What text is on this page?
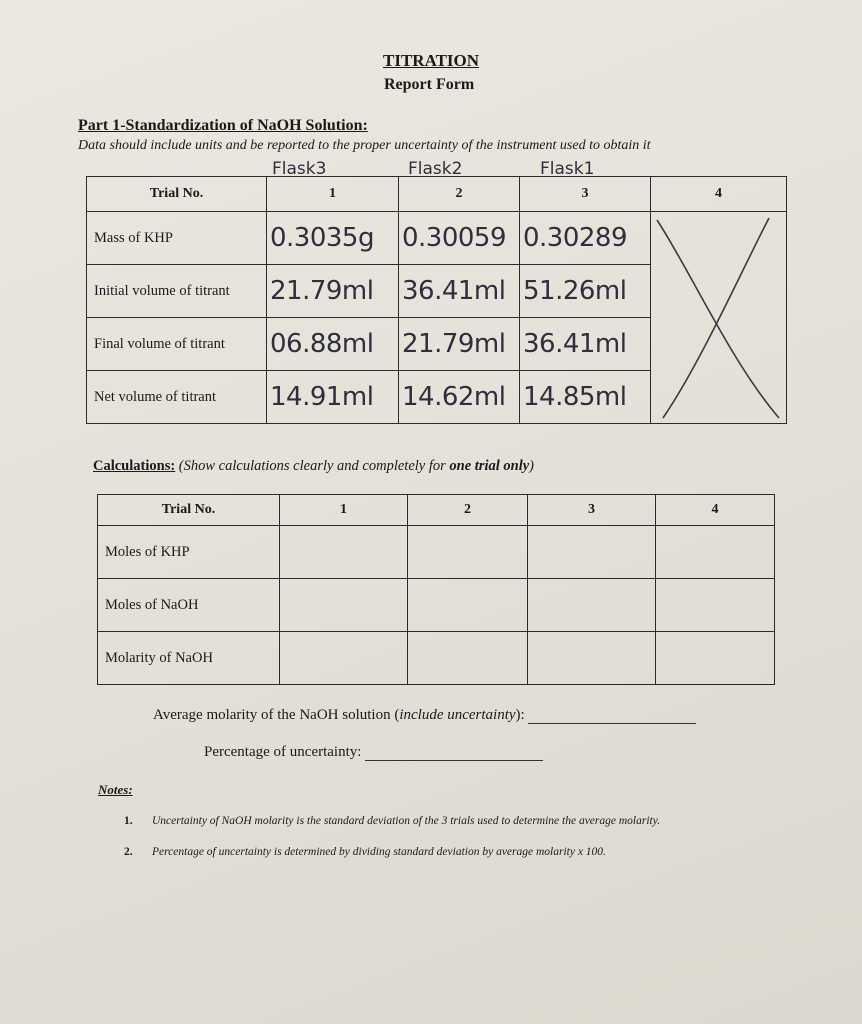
TITRATION
Report Form
Part 1-Standardization of NaOH Solution:
Data should include units and be reported to the proper uncertainty of the instrument used to obtain it
Flask3	Flask2	Flask1
Trial No.	1	2	3	4
Mass of KHP	0.3035g	0.30059	0.30289	

Initial volume of titrant	21.79ml	36.41ml	51.26ml	
Final volume of titrant	06.88ml	21.79ml	36.41ml	
Net volume of titrant	14.91ml	14.62ml	14.85ml	
Calculations: (Show calculations clearly and completely for one trial only)
Trial No.	1	2	3	4
Moles of KHP				
Moles of NaOH				
Molarity of NaOH				
Average molarity of the NaOH solution (include uncertainty):
Percentage of uncertainty:
Notes:
1. Uncertainty of NaOH molarity is the standard deviation of the 3 trials used to determine the average molarity.
2. Percentage of uncertainty is determined by dividing standard deviation by average molarity x 100.
